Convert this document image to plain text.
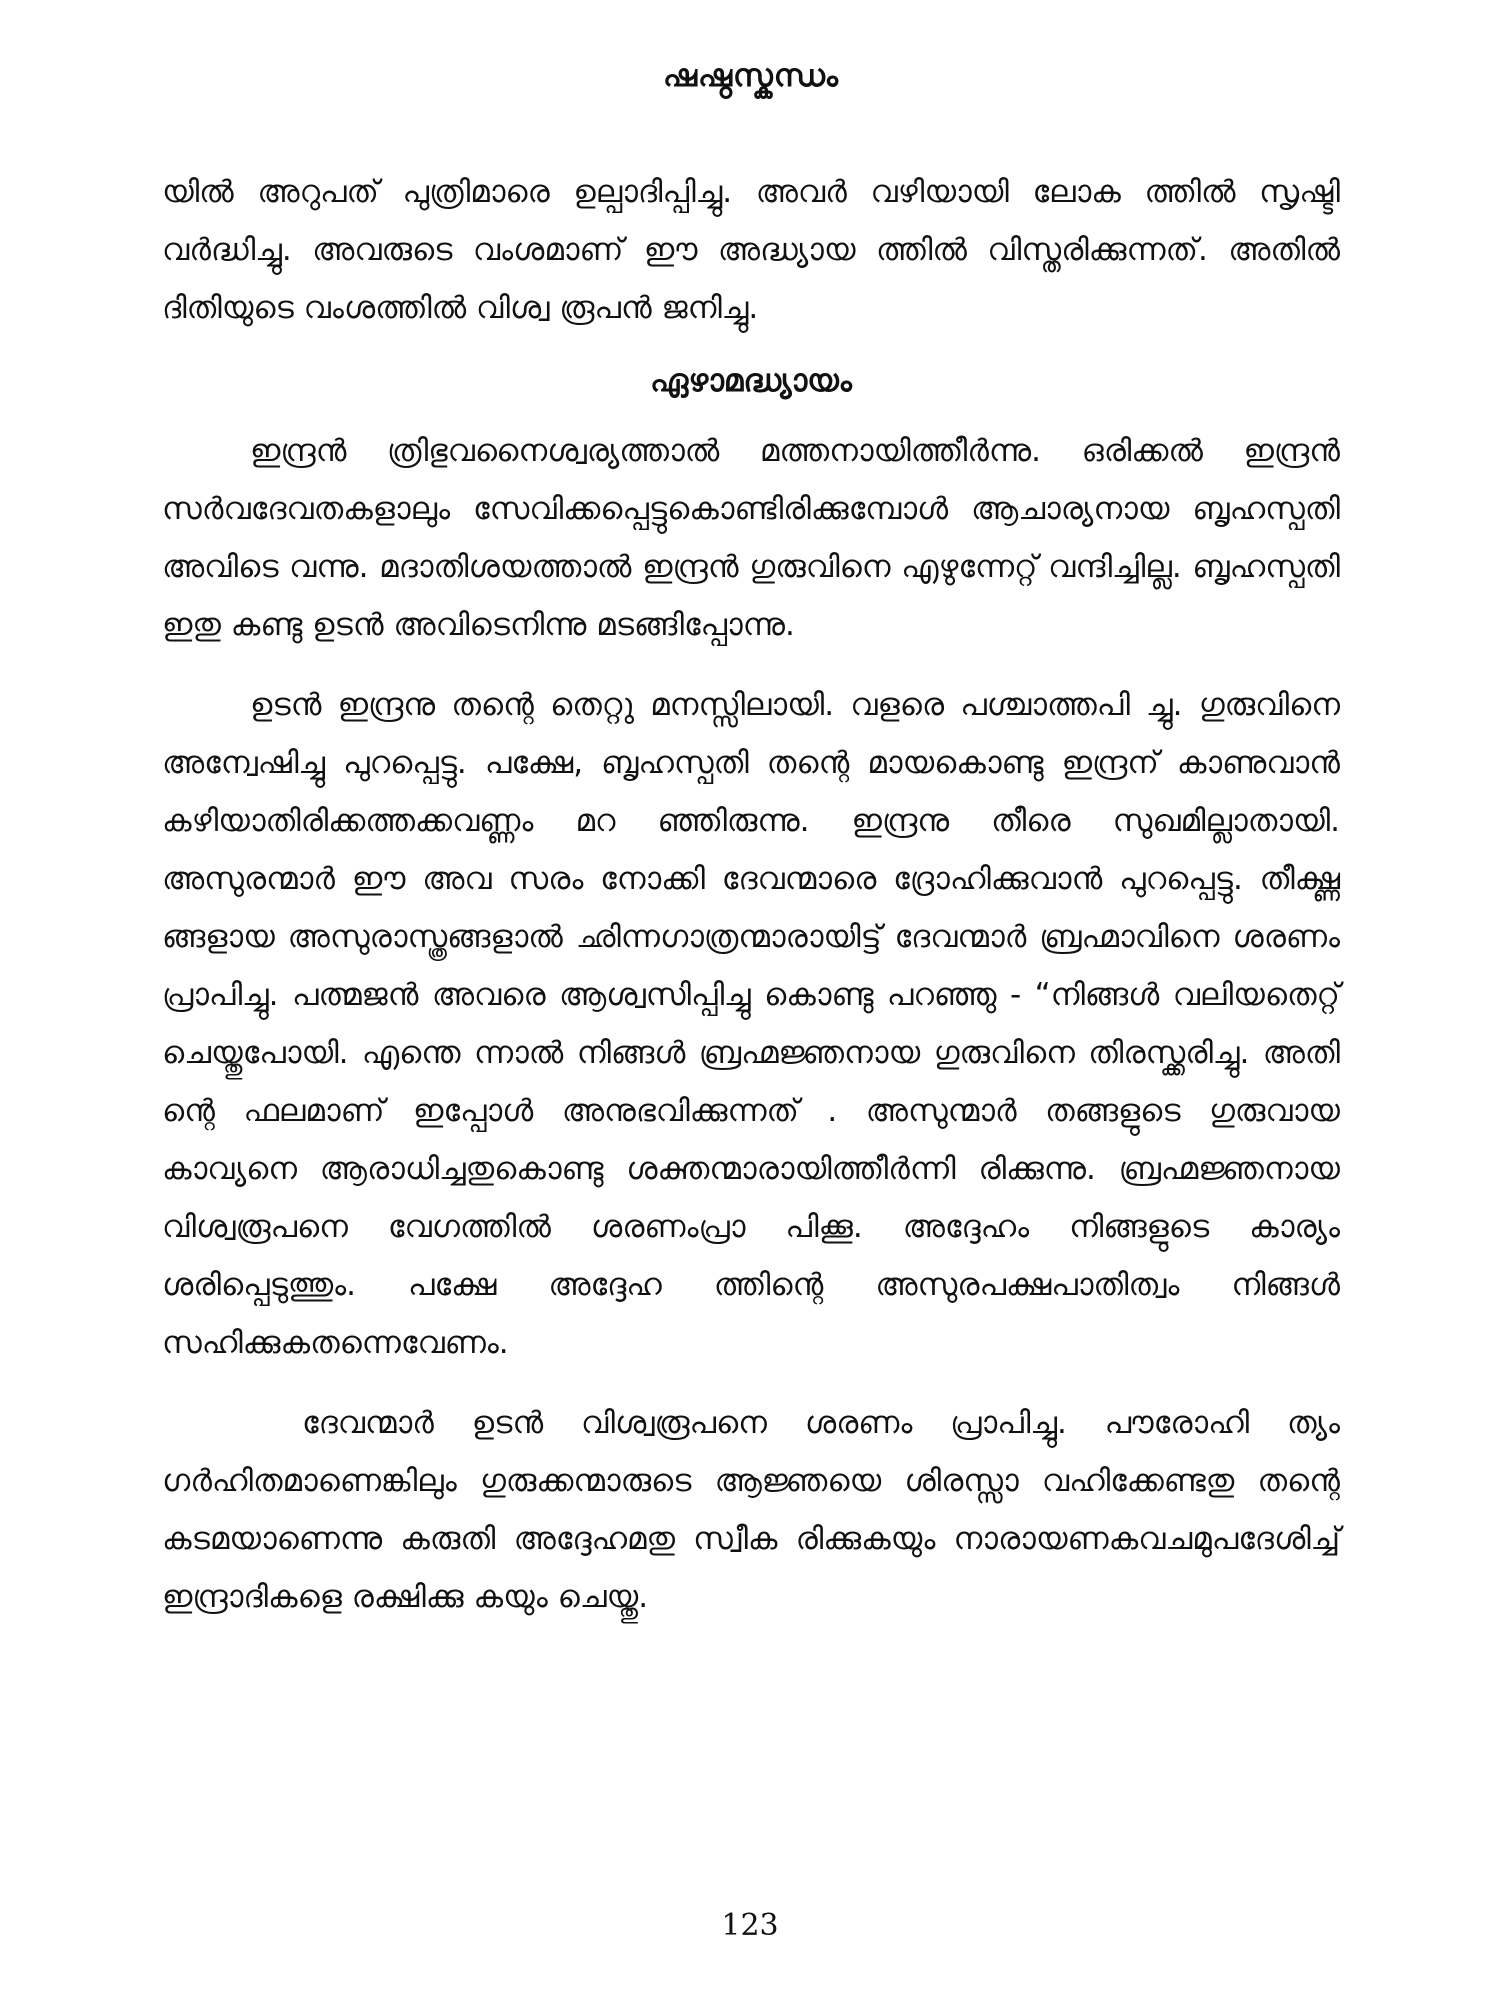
ഷഷ്ഠസ്കന്ധം

യിൽ അറുപത് പുത്രിമാരെ ഉല്പാദിപ്പിച്ചു. അവർ വഴിയായി ലോക ത്തിൽ സൃഷ്ടി വർദ്ധിച്ചു. അവരുടെ വംശമാണ് ഈ അദ്ധ്യായ ത്തിൽ വിസ്തരിക്കുന്നത്. അതിൽ ദിതിയുടെ വംശത്തിൽ വിശ്വ രൂപൻ ജനിച്ചു.

ഏഴാമദ്ധ്യായം

ഇന്ദ്രൻ ത്രിഭുവനൈശ്വര്യത്താൽ മത്തനായിത്തീർന്നു. ഒരിക്കൽ ഇന്ദ്രൻ സർവദേവതകളാലും സേവിക്കപ്പെട്ടുകൊണ്ടിരിക്കുമ്പോൾ ആചാര്യനായ ബൃഹസ്പതി അവിടെ വന്നു. മദാതിശയത്താൽ ഇന്ദ്രൻ ഗുരുവിനെ എഴുന്നേറ്റ് വന്ദിച്ചില്ല. ബൃഹസ്പതി ഇതു കണ്ടു ഉടൻ അവിടെനിന്നു മടങ്ങിപ്പോന്നു.

ഉടൻ ഇന്ദ്രനു തന്റെ തെറ്റു മനസ്സിലായി. വളരെ പശ്ചാത്തപി ച്ചു. ഗുരുവിനെ അന്വേഷിച്ചു പുറപ്പെട്ടു. പക്ഷേ, ബൃഹസ്പതി തന്റെ മായകൊണ്ടു ഇന്ദ്രന് കാണുവാൻ കഴിയാതിരിക്കത്തക്കവണ്ണം മറ ഞ്ഞിരുന്നു. ഇന്ദ്രനു തീരെ സുഖമില്ലാതായി. അസുരന്മാർ ഈ അവ സരം നോക്കി ദേവന്മാരെ ദ്രോഹിക്കുവാൻ പുറപ്പെട്ടു. തീക്ഷ്ണ ങ്ങളായ അസുരാസ്ത്രങ്ങളാൽ ഛിന്നഗാത്രന്മാരായിട്ട് ദേവന്മാർ ബ്രഹ്മാവിനെ ശരണം പ്രാപിച്ചു. പത്മജൻ അവരെ ആശ്വസിപ്പിച്ചു കൊണ്ടു പറഞ്ഞു - “നിങ്ങൾ വലിയതെറ്റ് ചെയ്തുപോയി. എന്തെ ന്നാൽ നിങ്ങൾ ബ്രഹ്മജ്ഞനായ ഗുരുവിനെ തിരസ്ക്കരിച്ചു. അതി ന്റെ ഫലമാണ് ഇപ്പോൾ അനുഭവിക്കുന്നത് . അസുന്മാർ തങ്ങളുടെ ഗുരുവായ കാവ്യനെ ആരാധിച്ചതുകൊണ്ടു ശക്തന്മാരായിത്തീർന്നി രിക്കുന്നു. ബ്രഹ്മജ്ഞനായ വിശ്വരൂപനെ വേഗത്തിൽ ശരണംപ്രാ പിക്കൂ. അദ്ദേഹം നിങ്ങളുടെ കാര്യം ശരിപ്പെടുത്തും. പക്ഷേ അദ്ദേഹ ത്തിന്റെ അസുരപക്ഷപാതിത്വം നിങ്ങൾ സഹിക്കുകതന്നെവേണം.

ദേവന്മാർ ഉടൻ വിശ്വരൂപനെ ശരണം പ്രാപിച്ചു. പൗരോഹി ത്യം ഗർഹിതമാണെങ്കിലും ഗുരുക്കന്മാരുടെ ആജ്ഞയെ ശിരസ്സാ വഹിക്കേണ്ടതു തന്റെ കടമയാണെന്നു കരുതി അദ്ദേഹമതു സ്വീക രിക്കുകയും നാരായണകവചമുപദേശിച്ച് ഇന്ദ്രാദികളെ രക്ഷിക്കു കയും ചെയ്തു.

123
